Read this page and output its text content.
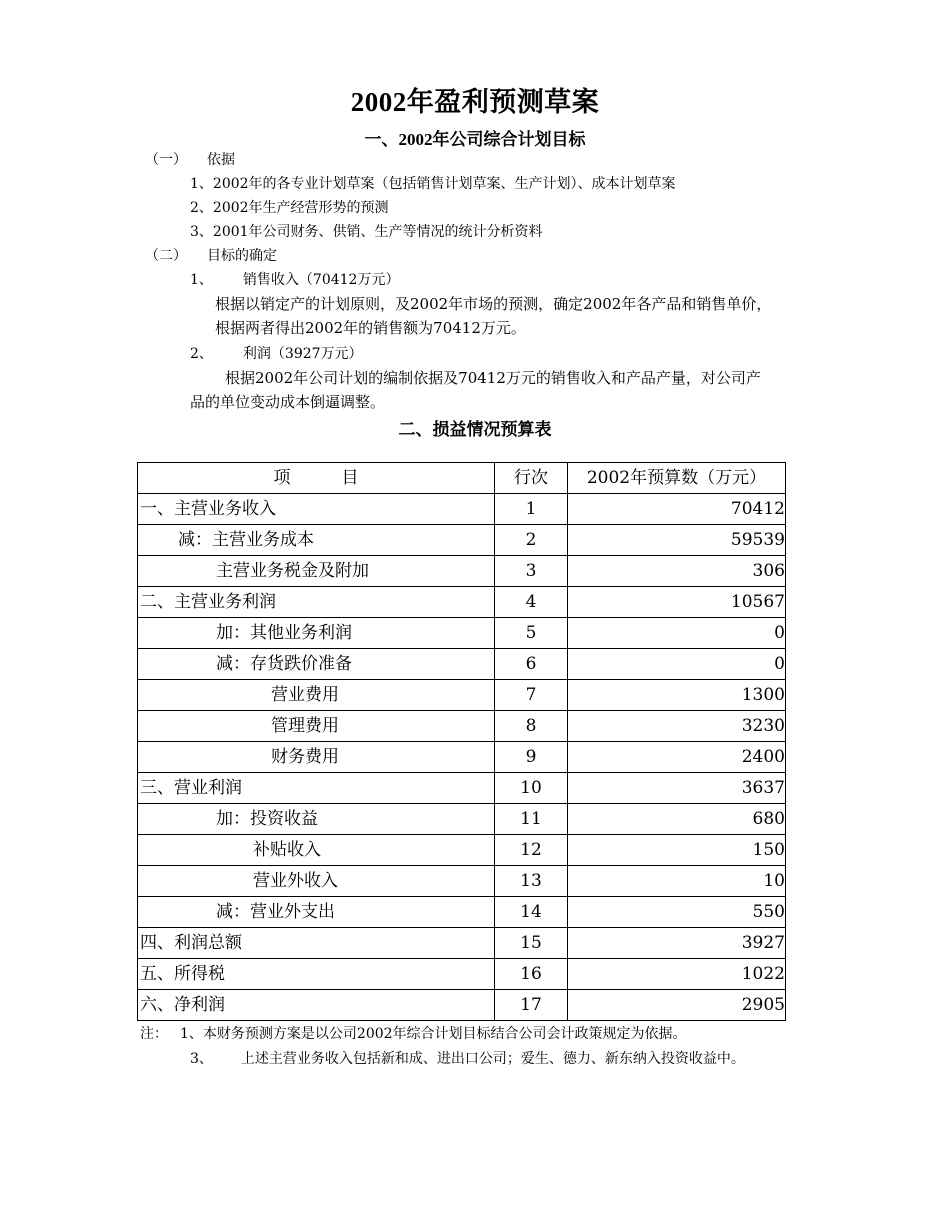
2002年盈利预测草案
一、2002年公司综合计划目标
（一） 依据
1、2002年的各专业计划草案（包括销售计划草案、生产计划）、成本计划草案
2、2002年生产经营形势的预测
3、2001年公司财务、供销、生产等情况的统计分析资料
（二） 目标的确定
1、 销售收入（70412万元）
根据以销定产的计划原则，及2002年市场的预测，确定2002年各产品和销售单价，
根据两者得出2002年的销售额为70412万元。
2、 利润（3927万元）
根据2002年公司计划的编制依据及70412万元的销售收入和产品产量，对公司产
品的单位变动成本倒逼调整。
二、损益情况预算表
项　　　目	行次	2002年预算数（万元）
一、主营业务收入	1	70412
减：主营业务成本	2	59539
主营业务税金及附加	3	306
二、主营业务利润	4	10567
加：其他业务利润	5	0
减：存货跌价准备	6	0
营业费用	7	1300
管理费用	8	3230
财务费用	9	2400
三、营业利润	10	3637
加：投资收益	11	680
补贴收入	12	150
营业外收入	13	10
减：营业外支出	14	550
四、利润总额	15	3927
五、所得税	16	1022
六、净利润	17	2905
注： 1、本财务预测方案是以公司2002年综合计划目标结合公司会计政策规定为依据。
3、 上述主营业务收入包括新和成、进出口公司；爱生、德力、新东纳入投资收益中。
